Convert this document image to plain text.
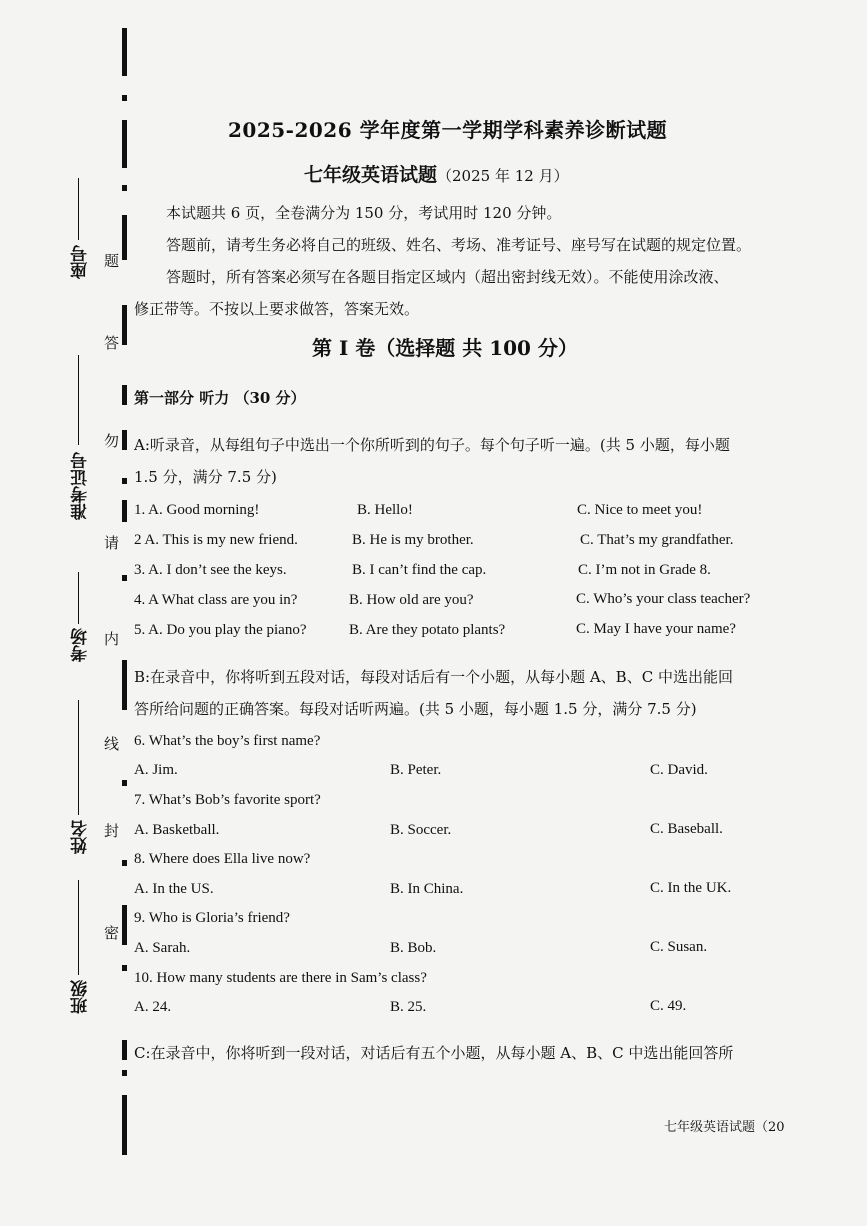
题
答
勿
请
内
线
封
密
座号
准考证号
考场
姓名
班级
2025-2026 学年度第一学期学科素养诊断试题
七年级英语试题（2025 年 12 月）
本试题共 6 页，全卷满分为 150 分，考试用时 120 分钟。
答题前，请考生务必将自己的班级、姓名、考场、准考证号、座号写在试题的规定位置。
答题时，所有答案必须写在各题目指定区域内（超出密封线无效）。不能使用涂改液、
修正带等。不按以上要求做答，答案无效。
第 I 卷（选择题 共 100 分）
第一部分 听力 （30 分）
A:听录音，从每组句子中选出一个你所听到的句子。每个句子听一遍。(共 5 小题，每小题
1.5 分，满分 7.5 分)
1. A. Good morning!	B. Hello!	C. Nice to meet you!
2 A. This is my new friend.	B. He is my brother.	C. That’s my grandfather.
3. A. I don’t see the keys.	B. I can’t find the cap.	C. I’m not in Grade 8.
4. A What class are you in?	B. How old are you?	C. Who’s your class teacher?
5. A. Do you play the piano?	B. Are they potato plants?	C. May I have your name?
B:在录音中，你将听到五段对话，每段对话后有一个小题，从每小题 A、B、C 中选出能回
答所给问题的正确答案。每段对话听两遍。(共 5 小题，每小题 1.5 分，满分 7.5 分)
6. What’s the boy’s first name?
A. Jim.	B. Peter.	C. David.
7. What’s Bob’s favorite sport?
A. Basketball.	B. Soccer.	C. Baseball.
8. Where does Ella live now?
A. In the US.	B. In China.	C. In the UK.
9. Who is Gloria’s friend?
A. Sarah.	B. Bob.	C. Susan.
10. How many students are there in Sam’s class?
A. 24.	B. 25.	C. 49.
C:在录音中，你将听到一段对话，对话后有五个小题，从每小题 A、B、C 中选出能回答所
七年级英语试题（20
